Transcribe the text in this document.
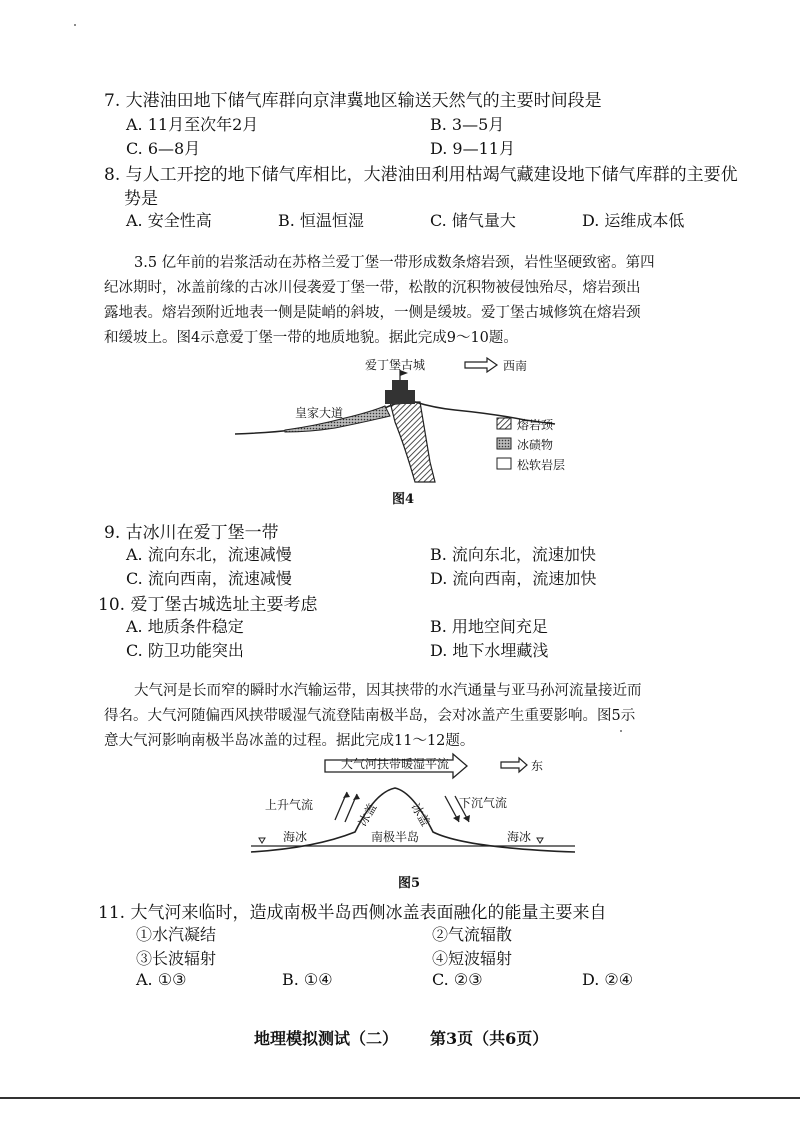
7. 大港油田地下储气库群向京津冀地区输送天然气的主要时间段是
A. 11月至次年2月	B. 3—5月
C. 6—8月	D. 9—11月
8. 与人工开挖的地下储气库相比，大港油田利用枯竭气藏建设地下储气库群的主要优
势是
A. 安全性高	B. 恒温恒湿	C. 储气量大	D. 运维成本低
3.5 亿年前的岩浆活动在苏格兰爱丁堡一带形成数条熔岩颈，岩性坚硬致密。第四
纪冰期时，冰盖前缘的古冰川侵袭爱丁堡一带，松散的沉积物被侵蚀殆尽，熔岩颈出
露地表。熔岩颈附近地表一侧是陡峭的斜坡，一侧是缓坡。爱丁堡古城修筑在熔岩颈
和缓坡上。图4示意爱丁堡一带的地质地貌。据此完成9～10题。
爱丁堡古城	西南
皇家大道
熔岩颈
冰碛物
松软岩层
图4
9. 古冰川在爱丁堡一带
A. 流向东北，流速减慢	B. 流向东北，流速加快
C. 流向西南，流速减慢	D. 流向西南，流速加快
10. 爱丁堡古城选址主要考虑
A. 地质条件稳定	B. 用地空间充足
C. 防卫功能突出	D. 地下水埋藏浅
大气河是长而窄的瞬时水汽输运带，因其挟带的水汽通量与亚马孙河流量接近而
得名。大气河随偏西风挟带暖湿气流登陆南极半岛，会对冰盖产生重要影响。图5示
意大气河影响南极半岛冰盖的过程。据此完成11～12题。
大气河扶带暖湿平流	东
上升气流	下沉气流
冰盖 冰盖
南极半岛
海冰	海冰
图5
11. 大气河来临时，造成南极半岛西侧冰盖表面融化的能量主要来自
①水汽凝结	②气流辐散
③长波辐射	④短波辐射
A. ①③	B. ①④	C. ②③	D. ②④
地理模拟测试（二） 第3页（共6页）
